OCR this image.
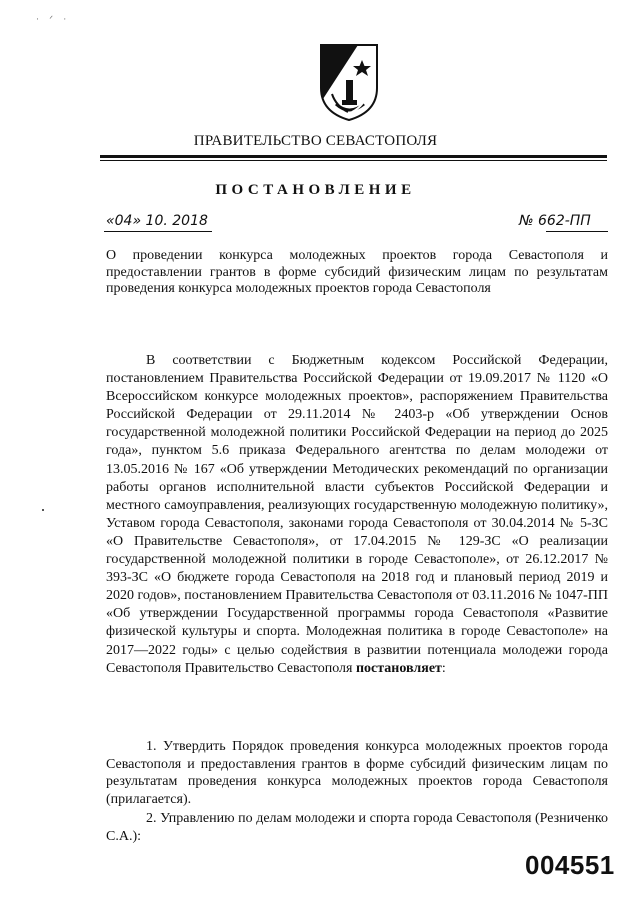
· ᐟ ·
ПРАВИТЕЛЬСТВО СЕВАСТОПОЛЯ
ПОСТАНОВЛЕНИЕ
«04» 10. 2018	№ 662-ПП
О проведении конкурса молодежных проектов города Севастополя и предоставлении грантов в форме субсидий физическим лицам по результатам проведения конкурса молодежных проектов города Севастополя
В соответствии с Бюджетным кодексом Российской Федерации, постановлением Правительства Российской Федерации от 19.09.2017 № 1120 «О Всероссийском конкурсе молодежных проектов», распоряжением Правительства Российской Федерации от 29.11.2014 № 2403-р «Об утверждении Основ государственной молодежной политики Российской Федерации на период до 2025 года», пунктом 5.6 приказа Федерального агентства по делам молодежи от 13.05.2016 № 167 «Об утверждении Методических рекомендаций по организации работы органов исполнительной власти субъектов Российской Федерации и местного самоуправления, реализующих государственную молодежную политику», Уставом города Севастополя, законами города Севастополя от 30.04.2014 № 5-ЗС «О Правительстве Севастополя», от 17.04.2015 № 129-ЗС «О реализации государственной молодежной политики в городе Севастополе», от 26.12.2017 № 393-ЗС «О бюджете города Севастополя на 2018 год и плановый период 2019 и 2020 годов», постановлением Правительства Севастополя от 03.11.2016 № 1047-ПП «Об утверждении Государственной программы города Севастополя «Развитие физической культуры и спорта. Молодежная политика в городе Севастополе» на 2017—2022 годы» с целью содействия в развитии потенциала молодежи города Севастополя Правительство Севастополя постановляет:
1. Утвердить Порядок проведения конкурса молодежных проектов города Севастополя и предоставления грантов в форме субсидий физическим лицам по результатам проведения конкурса молодежных проектов города Севастополя (прилагается).
2. Управлению по делам молодежи и спорта города Севастополя (Резниченко С.А.):
004551
